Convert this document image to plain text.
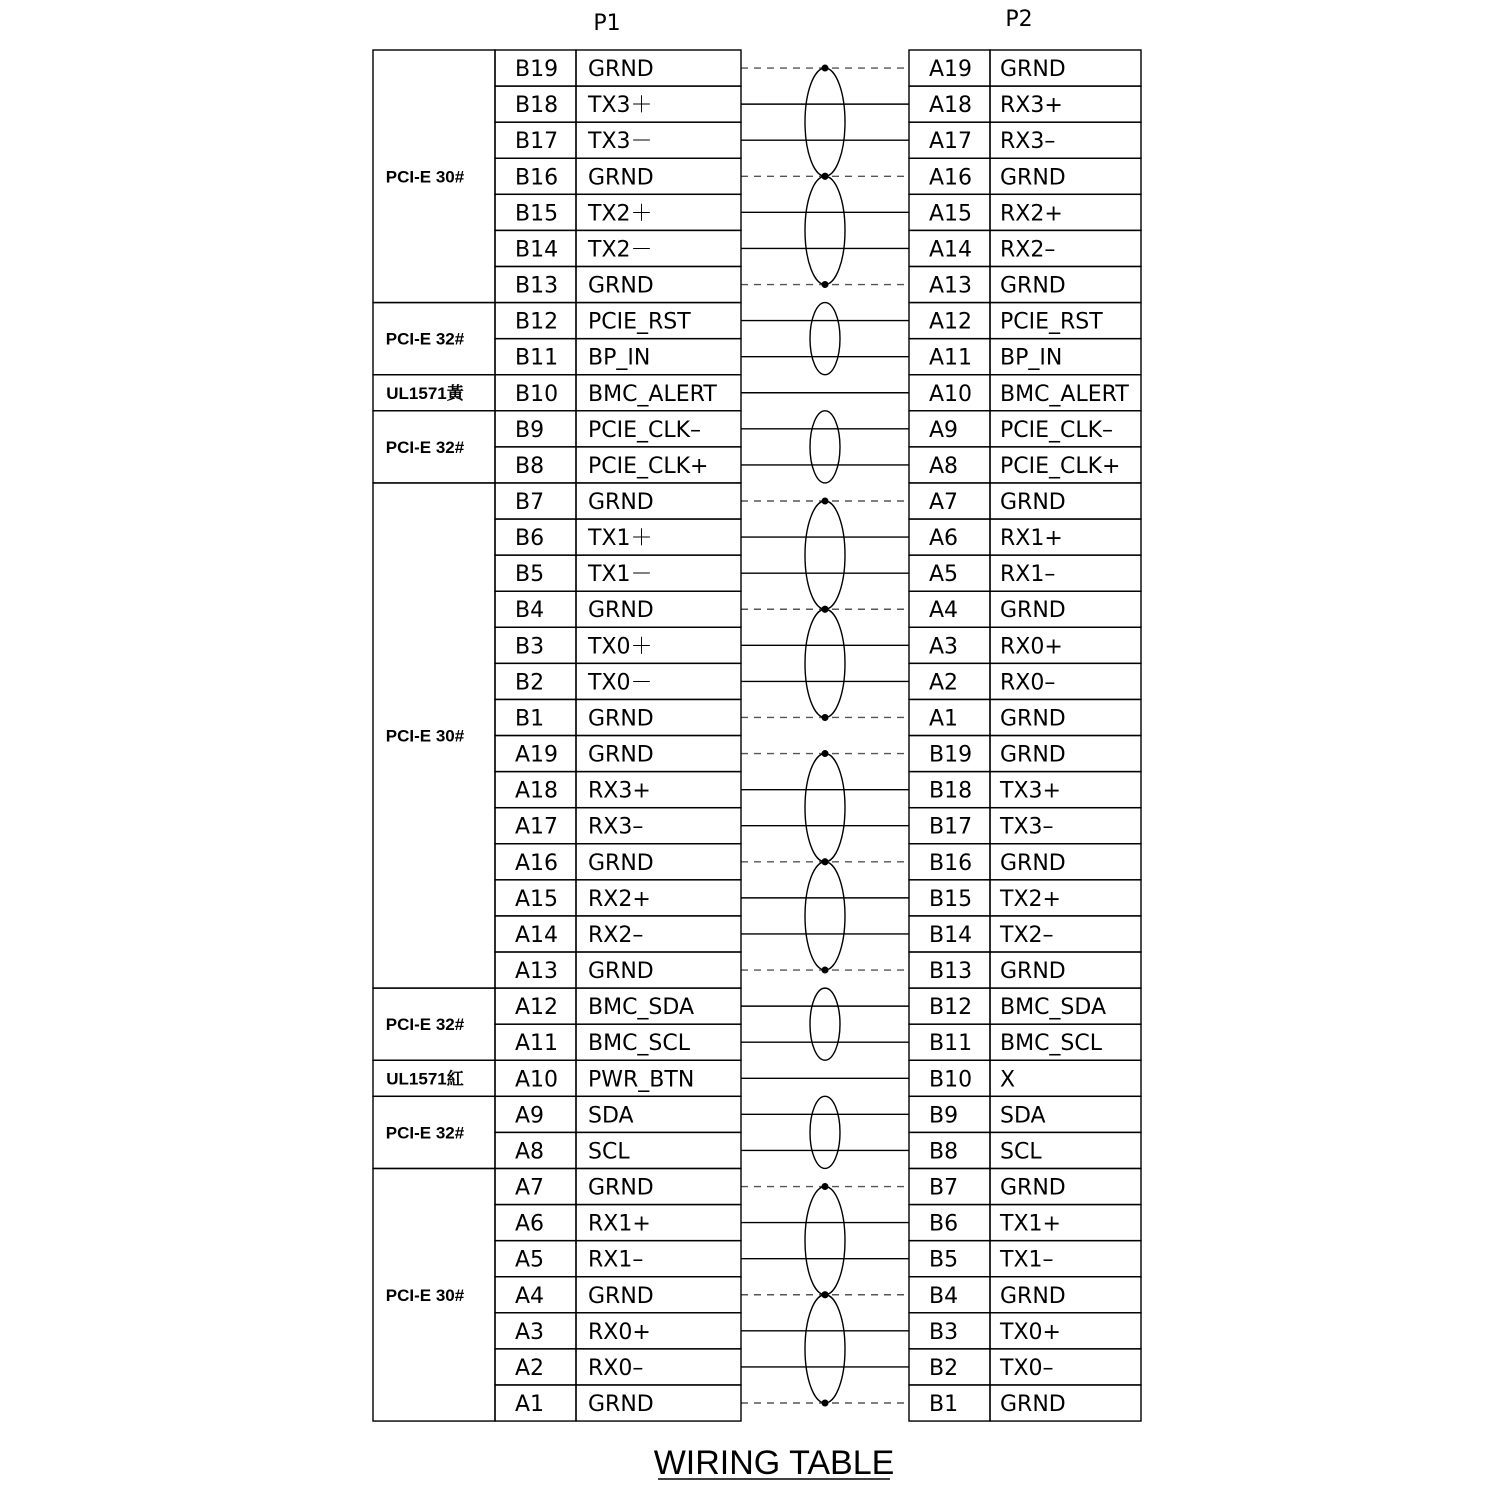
P1	P2
B19 GRND
B18 TX3＋
B17 TX3－
B16 GRND
B15 TX2＋
B14 TX2－
B13 GRND
B12 PCIE_RST
B11 BP_IN
B10 BMC_ALERT
B9 PCIE_CLK–
B8 PCIE_CLK+
B7 GRND
B6 TX1＋
B5 TX1－
B4 GRND
B3 TX0＋
B2 TX0－
B1 GRND
A19 GRND
A18 RX3+
A17 RX3–
A16 GRND
A15 RX2+
A14 RX2–
A13 GRND
A12 BMC_SDA
A11 BMC_SCL
A10 PWR_BTN
A9 SDA
A8 SCL
A7 GRND
A6 RX1+
A5 RX1–
A4 GRND
A3 RX0+
A2 RX0–
A1 GRND
A19 GRND
A18 RX3+
A17 RX3–
A16 GRND
A15 RX2+
A14 RX2–
A13 GRND
A12 PCIE_RST
A11 BP_IN
A10 BMC_ALERT
A9 PCIE_CLK–
A8 PCIE_CLK+
A7 GRND
A6 RX1+
A5 RX1–
A4 GRND
A3 RX0+
A2 RX0–
A1 GRND
B19 GRND
B18 TX3+
B17 TX3–
B16 GRND
B15 TX2+
B14 TX2–
B13 GRND
B12 BMC_SDA
B11 BMC_SCL
B10 X
B9 SDA
B8 SCL
B7 GRND
B6 TX1+
B5 TX1–
B4 GRND
B3 TX0+
B2 TX0–
B1 GRND
PCI-E 30#
PCI-E 32#
UL1571黃
PCI-E 32#
PCI-E 30#
PCI-E 32#
UL1571紅
PCI-E 32#
PCI-E 30#
WIRING TABLE
